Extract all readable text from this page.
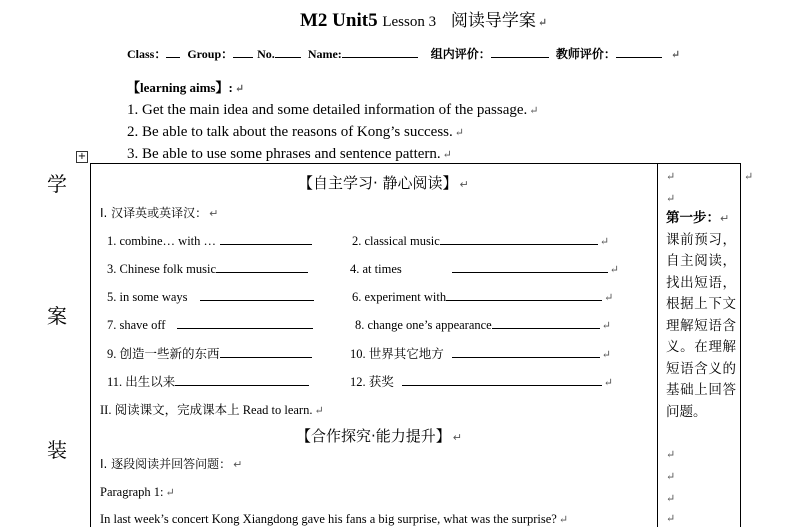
M2 Unit5 Lesson 3 阅读导学案 ↵
Class： Group： No.	Name:	组内评价：	教师评价：	↵
【learning aims】: ↵
1. Get the main idea and some detailed information of the passage. ↵
2. Be able to talk about the reasons of Kong’s success. ↵
3. Be able to use some phrases and sentence pattern. ↵
+
↵
学
案
装
【自主学习· 静心阅读】 ↵
I. 汉译英或英译汉： ↵
1. combine… with …	2. classical music	↵
3. Chinese folk music	4. at times	↵
5. in some ways	6. experiment with	↵
7. shave off	8. change one’s appearance	↵
9. 创造一些新的东西	10. 世界其它地方	↵
11. 出生以来	12. 获奖	↵
II. 阅读课文，完成课本上 Read to learn. ↵
【合作探究·能力提升】 ↵
I. 逐段阅读并回答问题： ↵
Paragraph 1: ↵
In last week’s concert Kong Xiangdong gave his fans a big surprise, what was the surprise? ↵
↵
↵
第一步：↵
课前预习，自主阅读，找出短语，根据上下文理解短语含义。在理解短语含义的基础上回答问题。
↵
↵
↵
↵
